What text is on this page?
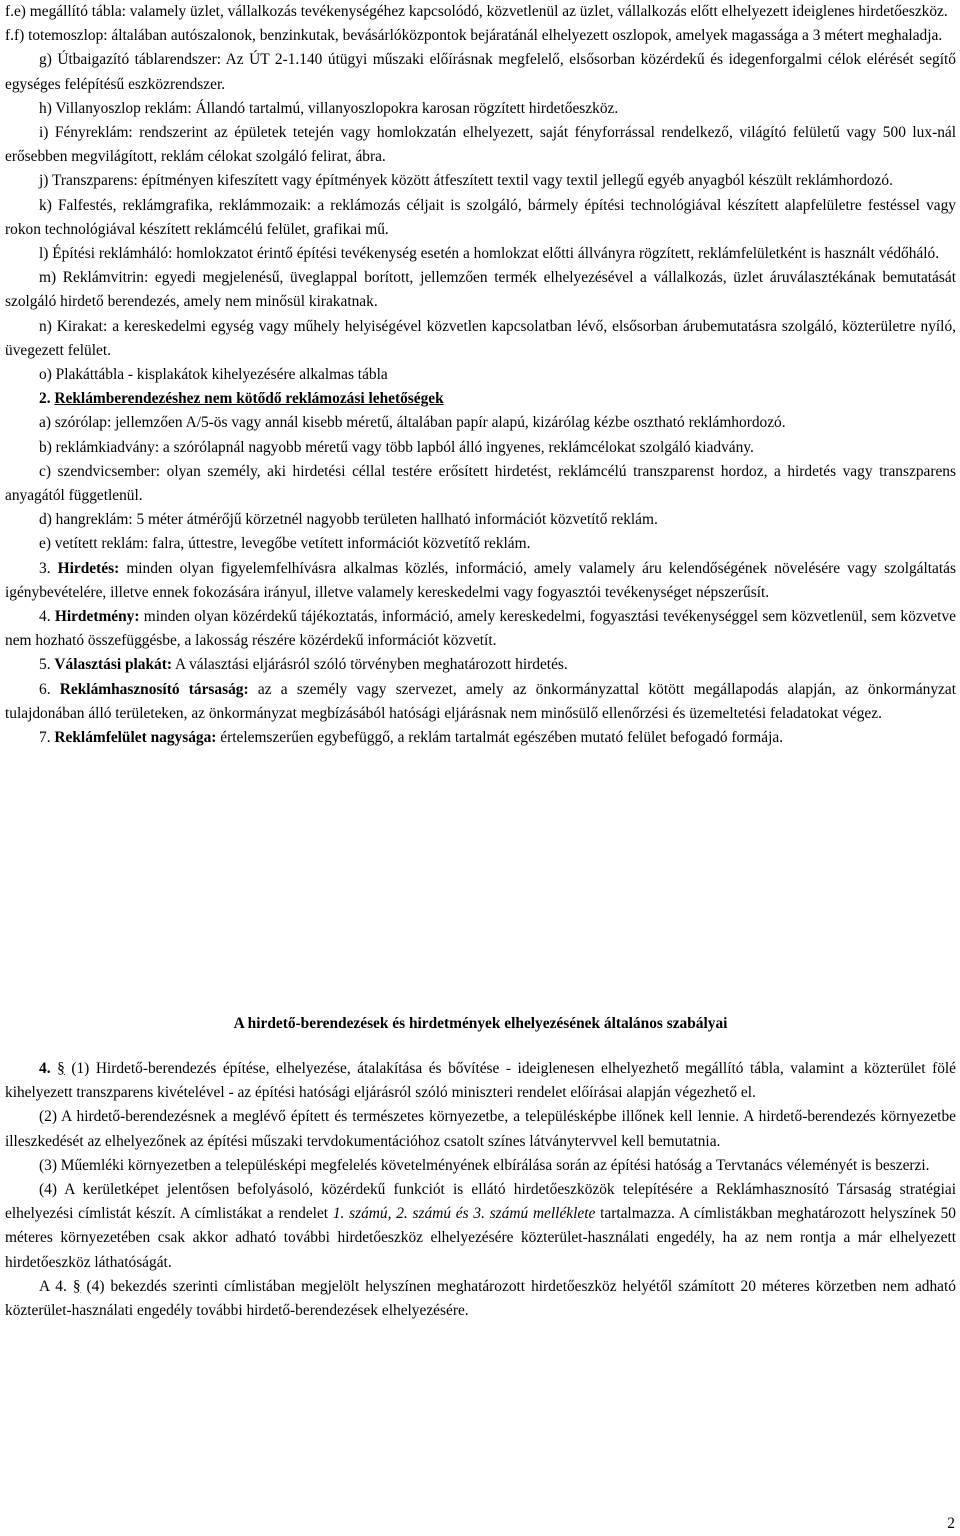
f.e) megállító tábla: valamely üzlet, vállalkozás tevékenységéhez kapcsolódó, közvetlenül az üzlet, vállalkozás előtt elhelyezett ideiglenes hirdetőeszköz.

f.f) totemoszlop: általában autószalonok, benzinkutak, bevásárlóközpontok bejáratánál elhelyezett oszlopok, amelyek magassága a 3 métert meghaladja.

g) Útbaigazító táblarendszer: Az ÚT 2-1.140 útügyi műszaki előírásnak megfelelő, elsősorban közérdekű és idegenforgalmi célok elérését segítő egységes felépítésű eszközrendszer.

h) Villanyoszlop reklám: Állandó tartalmú, villanyoszlopokra karosan rögzített hirdetőeszköz.

i) Fényreklám: rendszerint az épületek tetején vagy homlokzatán elhelyezett, saját fényforrással rendelkező, világító felületű vagy 500 lux-nál erősebben megvilágított, reklám célokat szolgáló felirat, ábra.

j) Transzparens: építményen kifeszített vagy építmények között átfeszített textil vagy textil jellegű egyéb anyagból készült reklámhordozó.

k) Falfestés, reklámgrafika, reklámmozaik: a reklámozás céljait is szolgáló, bármely építési technológiával készített alapfelületre festéssel vagy rokon technológiával készített reklámcélú felület, grafikai mű.

l) Építési reklámháló: homlokzatot érintő építési tevékenység esetén a homlokzat előtti állványra rögzített, reklámfelületként is használt védőháló.

m) Reklámvitrin: egyedi megjelenésű, üveglappal borított, jellemzően termék elhelyezésével a vállalkozás, üzlet áruválasztékának bemutatását szolgáló hirdető berendezés, amely nem minősül kirakatnak.

n) Kirakat: a kereskedelmi egység vagy műhely helyiségével közvetlen kapcsolatban lévő, elsősorban árubemutatásra szolgáló, közterületre nyíló, üvegezett felület.

o) Plakáttábla - kisplakátok kihelyezésére alkalmas tábla

2. Reklámberendezéshez nem kötődő reklámozási lehetőségek

a) szórólap: jellemzően A/5-ös vagy annál kisebb méretű, általában papír alapú, kizárólag kézbe osztható reklámhordozó.

b) reklámkiadvány: a szórólapnál nagyobb méretű vagy több lapból álló ingyenes, reklámcélokat szolgáló kiadvány.

c) szendvicsember: olyan személy, aki hirdetési céllal testére erősített hirdetést, reklámcélú transzparenst hordoz, a hirdetés vagy transzparens anyagától függetlenül.

d) hangreklám: 5 méter átmérőjű körzetnél nagyobb területen hallható információt közvetítő reklám.

e) vetített reklám: falra, úttestre, levegőbe vetített információt közvetítő reklám.

3. Hirdetés: minden olyan figyelemfelhívásra alkalmas közlés, információ, amely valamely áru kelendőségének növelésére vagy szolgáltatás igénybevételére, illetve ennek fokozására irányul, illetve valamely kereskedelmi vagy fogyasztói tevékenységet népszerűsít.

4. Hirdetmény: minden olyan közérdekű tájékoztatás, információ, amely kereskedelmi, fogyasztási tevékenységgel sem közvetlenül, sem közvetve nem hozható összefüggésbe, a lakosság részére közérdekű információt közvetít.

5. Választási plakát: A választási eljárásról szóló törvényben meghatározott hirdetés.

6. Reklámhasznosító társaság: az a személy vagy szervezet, amely az önkormányzattal kötött megállapodás alapján, az önkormányzat tulajdonában álló területeken, az önkormányzat megbízásából hatósági eljárásnak nem minősülő ellenőrzési és üzemeltetési feladatokat végez.

7. Reklámfelület nagysága: értelemszerűen egybefüggő, a reklám tartalmát egészében mutató felület befogadó formája.

A hirdető-berendezések és hirdetmények elhelyezésének általános szabályai

4. § (1) Hirdető-berendezés építése, elhelyezése, átalakítása és bővítése - ideiglenesen elhelyezhető megállító tábla, valamint a közterület fölé kihelyezett transzparens kivételével - az építési hatósági eljárásról szóló miniszteri rendelet előírásai alapján végezhető el.

(2) A hirdető-berendezésnek a meglévő épített és természetes környezetbe, a településképbe illőnek kell lennie. A hirdető-berendezés környezetbe illeszkedését az elhelyezőnek az építési műszaki tervdokumentációhoz csatolt színes látványtervvel kell bemutatnia.

(3) Műemléki környezetben a településképi megfelelés követelményének elbírálása során az építési hatóság a Tervtanács véleményét is beszerzi.

(4) A kerületképet jelentősen befolyásoló, közérdekű funkciót is ellátó hirdetőeszközök telepítésére a Reklámhasznosító Társaság stratégiai elhelyezési címlistát készít. A címlistákat a rendelet 1. számú, 2. számú és 3. számú melléklete tartalmazza. A címlistákban meghatározott helyszínek 50 méteres környezetében csak akkor adható további hirdetőeszköz elhelyezésére közterület-használati engedély, ha az nem rontja a már elhelyezett hirdetőeszköz láthatóságát.

A 4. § (4) bekezdés szerinti címlistában megjelölt helyszínen meghatározott hirdetőeszköz helyétől számított 20 méteres körzetben nem adható közterület-használati engedély további hirdető-berendezések elhelyezésére.

2
